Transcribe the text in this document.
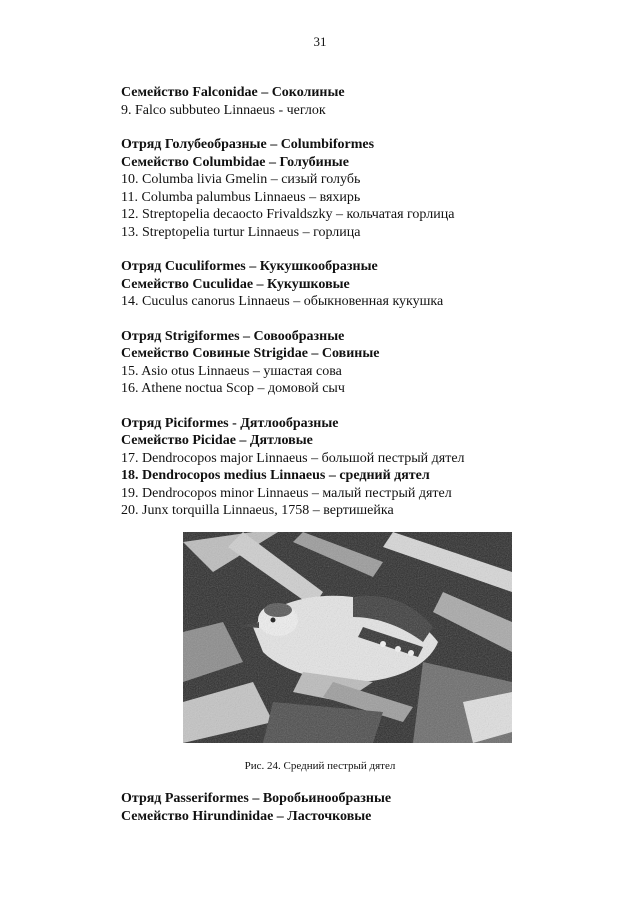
31
Семейство Falconidae – Соколиные
9. Falco subbuteo Linnaeus - чеглок
Отряд Голубеобразные – Columbiformes
Семейство Columbidae – Голубиные
10. Columba livia Gmelin – сизый голубь
11. Columba palumbus Linnaeus – вяхирь
12. Streptopelia decaocto Frivaldszky – кольчатая горлица
13. Streptopelia turtur Linnaeus – горлица
Отряд Cuculiformes – Кукушкообразные
Семейство Cuculidae – Кукушковые
14. Cuculus canorus Linnaeus – обыкновенная кукушка
Отряд Strigiformes – Совообразные
Семейство Совиные Strigidae – Совиные
15. Asio otus Linnaeus – ушастая сова
16. Athene noctua Scop – домовой сыч
Отряд Piciformes - Дятлообразные
Семейство Picidae – Дятловые
17. Dendrocopos major Linnaeus – большой пестрый дятел
18. Dendrocopos medius Linnaeus – средний дятел
19. Dendrocopos minor Linnaeus – малый пестрый дятел
20. Junx torquilla Linnaeus, 1758 – вертишейка
Рис. 24. Средний пестрый дятел
Отряд Passeriformes – Воробьинообразные
Семейство Hirundinidae – Ласточковые
